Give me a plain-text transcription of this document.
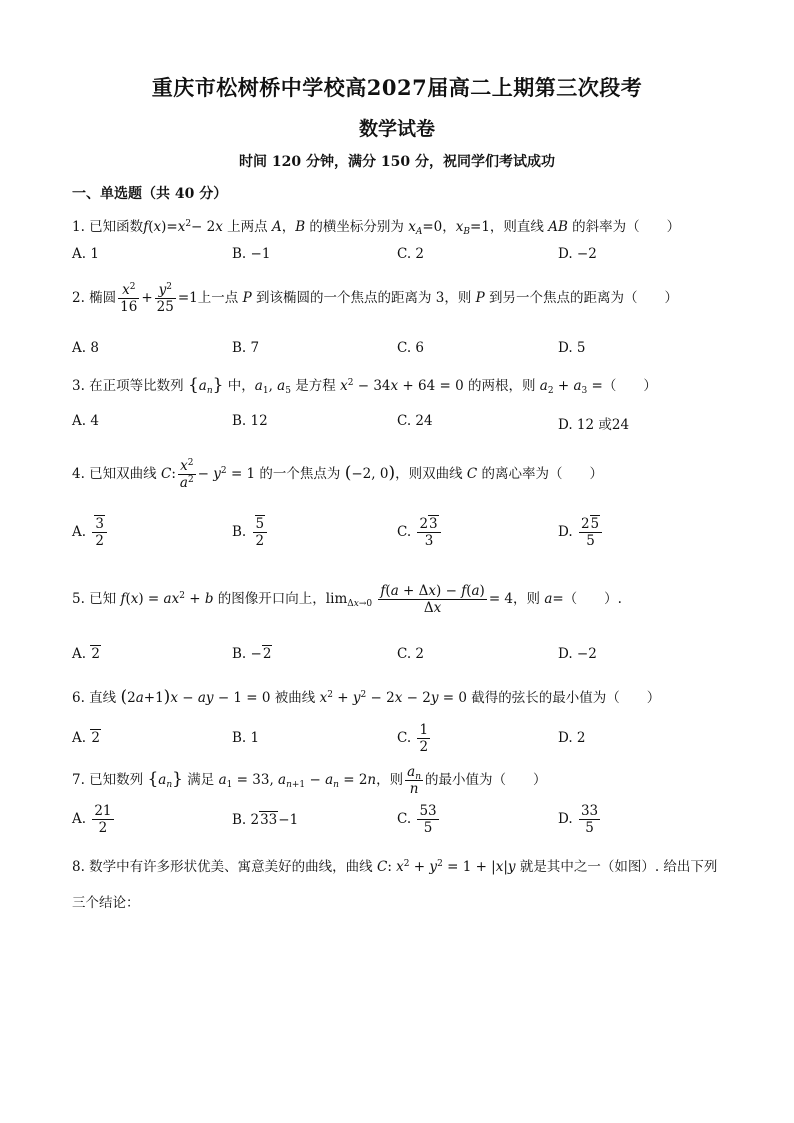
重庆市松树桥中学校高2027届高二上期第三次段考
数学试卷
时间 120 分钟，满分 150 分，祝同学们考试成功
一、单选题（共 40 分）
1. 已知函数$f(x)=x^2- 2x$ 上两点 A，B 的横坐标分别为 $x_A=0$，$x_B=1$，则直线 AB 的斜率为（　　）
A. 1	B. −1	C. 2	D. −2
2. 椭圆 $\frac{x^2}{16} + \frac{y^2}{25} =1$上一点 P 到该椭圆的一个焦点的距离为 3，则 P 到另一个焦点的距离为（　　）
A. 8	B. 7	C. 6	D. 5
3. 在正项等比数列 $\{a_n\}$ 中，$a_1$, $a_5$ 是方程 $x^2 - 34x + 64 = 0$ 的两根，则 $a_2 + a_3$ =（　　）
A. 4	B. 12	C. 24	D. 12 或24
4. 已知双曲线 C: $\frac{x^2}{a^2} - y^2 = 1$ 的一个焦点为 (−2, 0)，则双曲线 C 的离心率为（　　）
A. $\frac{3}{2}$	B. $\frac{5}{2}$	C. $\frac{23}{3}$	D. $\frac{25}{5}$
5. 已知 $f(x) = ax^2 + b$ 的图像开口向上，$\lim_{\Delta x\to 0} \frac{f(a + \Delta x) - f(a)}{\Delta x} = 4$，则 a=（　　）.
A. 2	B. −2	C. 2	D. −2
6. 直线 (2a+1)x − ay − 1 = 0 被曲线 $x^2 + y^2 - 2x - 2y = 0$ 截得的弦长的最小值为（　　）
A. 2	B. 1	C. $\frac{1}{2}$	D. 2
7. 已知数列 $\{a_n\}$ 满足 $a_1 = 33$, $a_{n+1} - a_n = 2n$，则 $\frac{a_n}{n}$ 的最小值为（　　）
A. $\frac{21}{2}$	B. 233−1	C. $\frac{53}{5}$	D. $\frac{33}{5}$
8. 数学中有许多形状优美、寓意美好的曲线，曲线 C: $x^2 + y^2 = 1 + |x|y$ 就是其中之一（如图）. 给出下列
三个结论：
